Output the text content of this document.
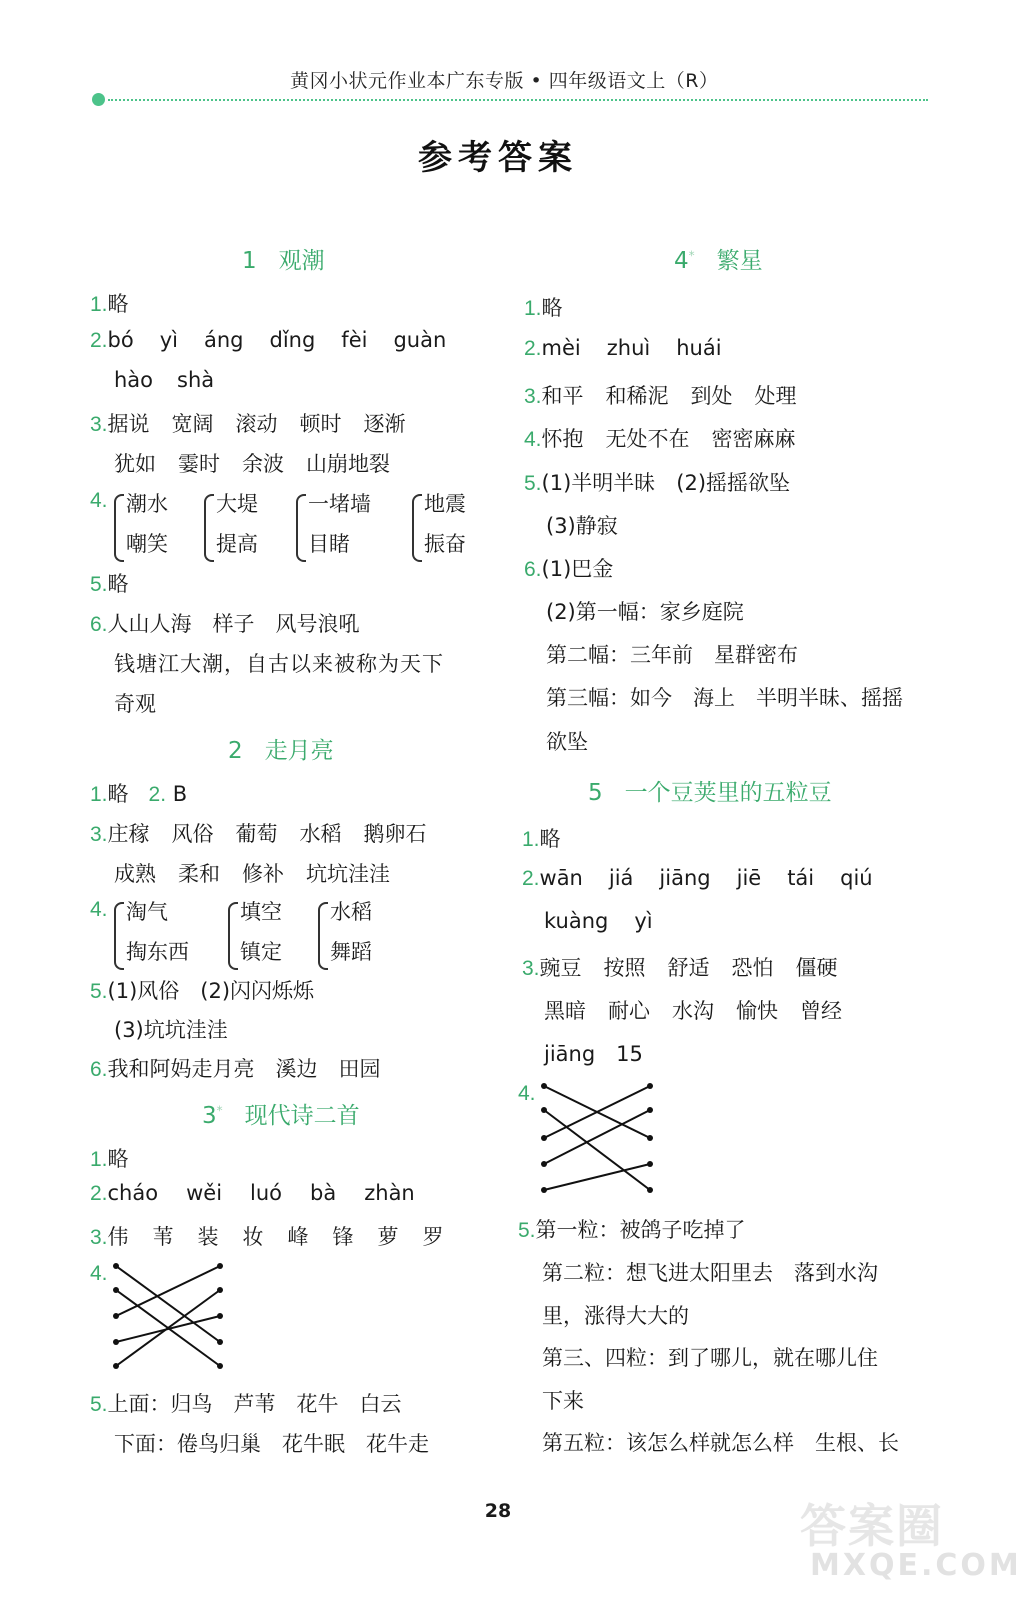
黄冈小状元作业本广东专版 • 四年级语文上（R）
参考答案
1 观潮
1.略
2.bó yì áng dǐng fèi guàn
hào shà
3.据说 宽阔 滚动 顿时 逐渐
犹如 霎时 余波 山崩地裂
4. 潮水
嘲笑
大堤
提高
一堵墙
目睹
地震
振奋
5.略
6.人山人海　样子　风号浪吼
钱塘江大潮，自古以来被称为天下
奇观
2 走月亮
1.略 2. B
3.庄稼 风俗 葡萄 水稻 鹅卵石
成熟 柔和 修补 坑坑洼洼
4. 淘气
掏东西
填空
镇定
水稻
舞蹈
5.(1)风俗　(2)闪闪烁烁
(3)坑坑洼洼
6.我和阿妈走月亮　溪边　田园
3* 现代诗二首
1.略
2.cháo wěi luó bà zhàn
3.伟 苇 装 妆 峰 锋 萝 罗
4.
5.上面：归鸟　芦苇　花牛　白云
下面：倦鸟归巢　花牛眠　花牛走
4* 繁星
1.略
2.mèi zhuì huái
3.和平 和稀泥 到处 处理
4.怀抱 无处不在 密密麻麻
5.(1)半明半昧　(2)摇摇欲坠
(3)静寂
6.(1)巴金
(2)第一幅：家乡庭院
第二幅：三年前　星群密布
第三幅：如今　海上　半明半昧、摇摇
欲坠
5 一个豆荚里的五粒豆
1.略
2.wān jiá jiāng jiē tái qiú
kuàng yì
3.豌豆 按照 舒适 恐怕 僵硬
黑暗 耐心 水沟 愉快 曾经
jiāng　15
4.
5.第一粒：被鸽子吃掉了
第二粒：想飞进太阳里去　落到水沟
里，涨得大大的
第三、四粒：到了哪儿，就在哪儿住
下来
第五粒：该怎么样就怎么样　生根、长
28	答案圈
MXQE.COM
